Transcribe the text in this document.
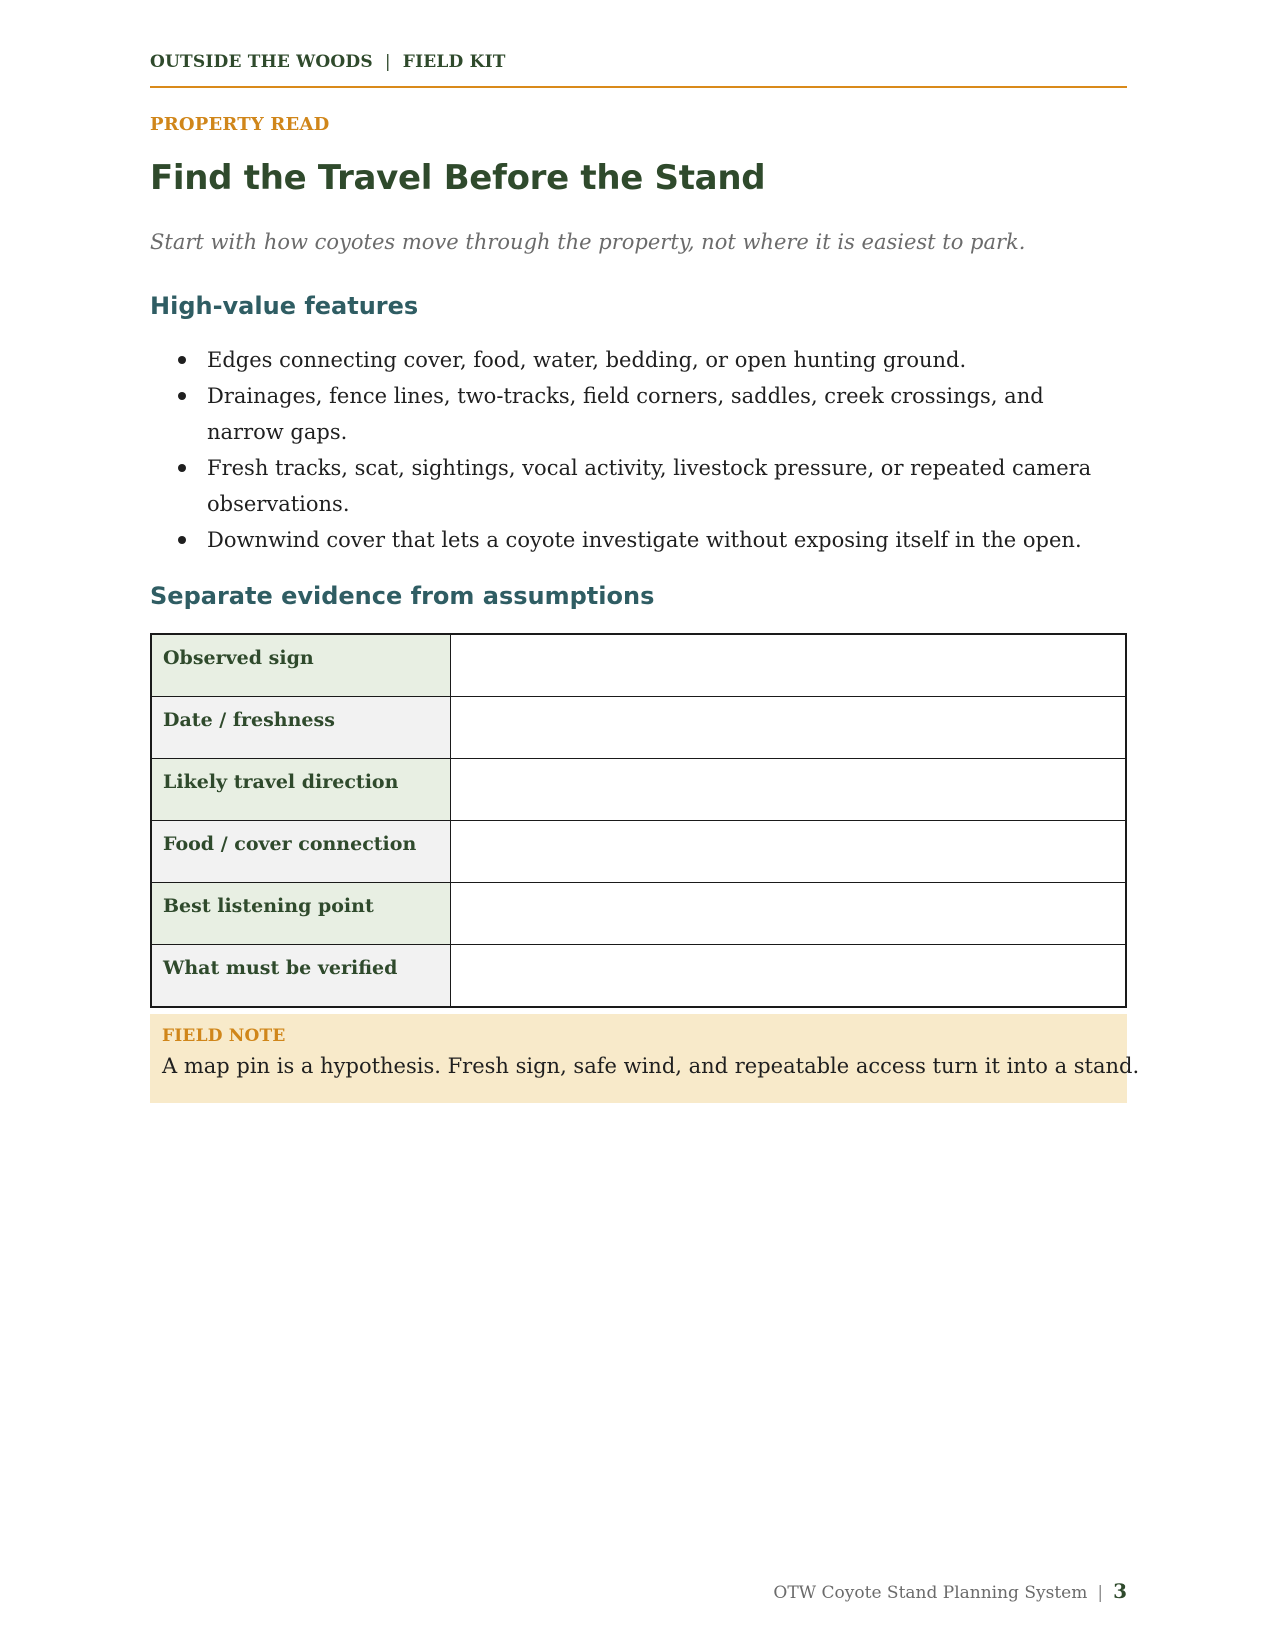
OUTSIDE THE WOODS | FIELD KIT
PROPERTY READ
Find the Travel Before the Stand

Start with how coyotes move through the property, not where it is easiest to park.

High-value features
Edges connecting cover, food, water, bedding, or open hunting ground.
Drainages, fence lines, two-tracks, field corners, saddles, creek crossings, and narrow gaps.
Fresh tracks, scat, sightings, vocal activity, livestock pressure, or repeated camera observations.
Downwind cover that lets a coyote investigate without exposing itself in the open.
Separate evidence from assumptions
Observed sign	
Date / freshness	
Likely travel direction	
Food / cover connection	
Best listening point	
What must be verified	
FIELD NOTE
A map pin is a hypothesis. Fresh sign, safe wind, and repeatable access turn it into a stand.
OTW Coyote Stand Planning System | 3
